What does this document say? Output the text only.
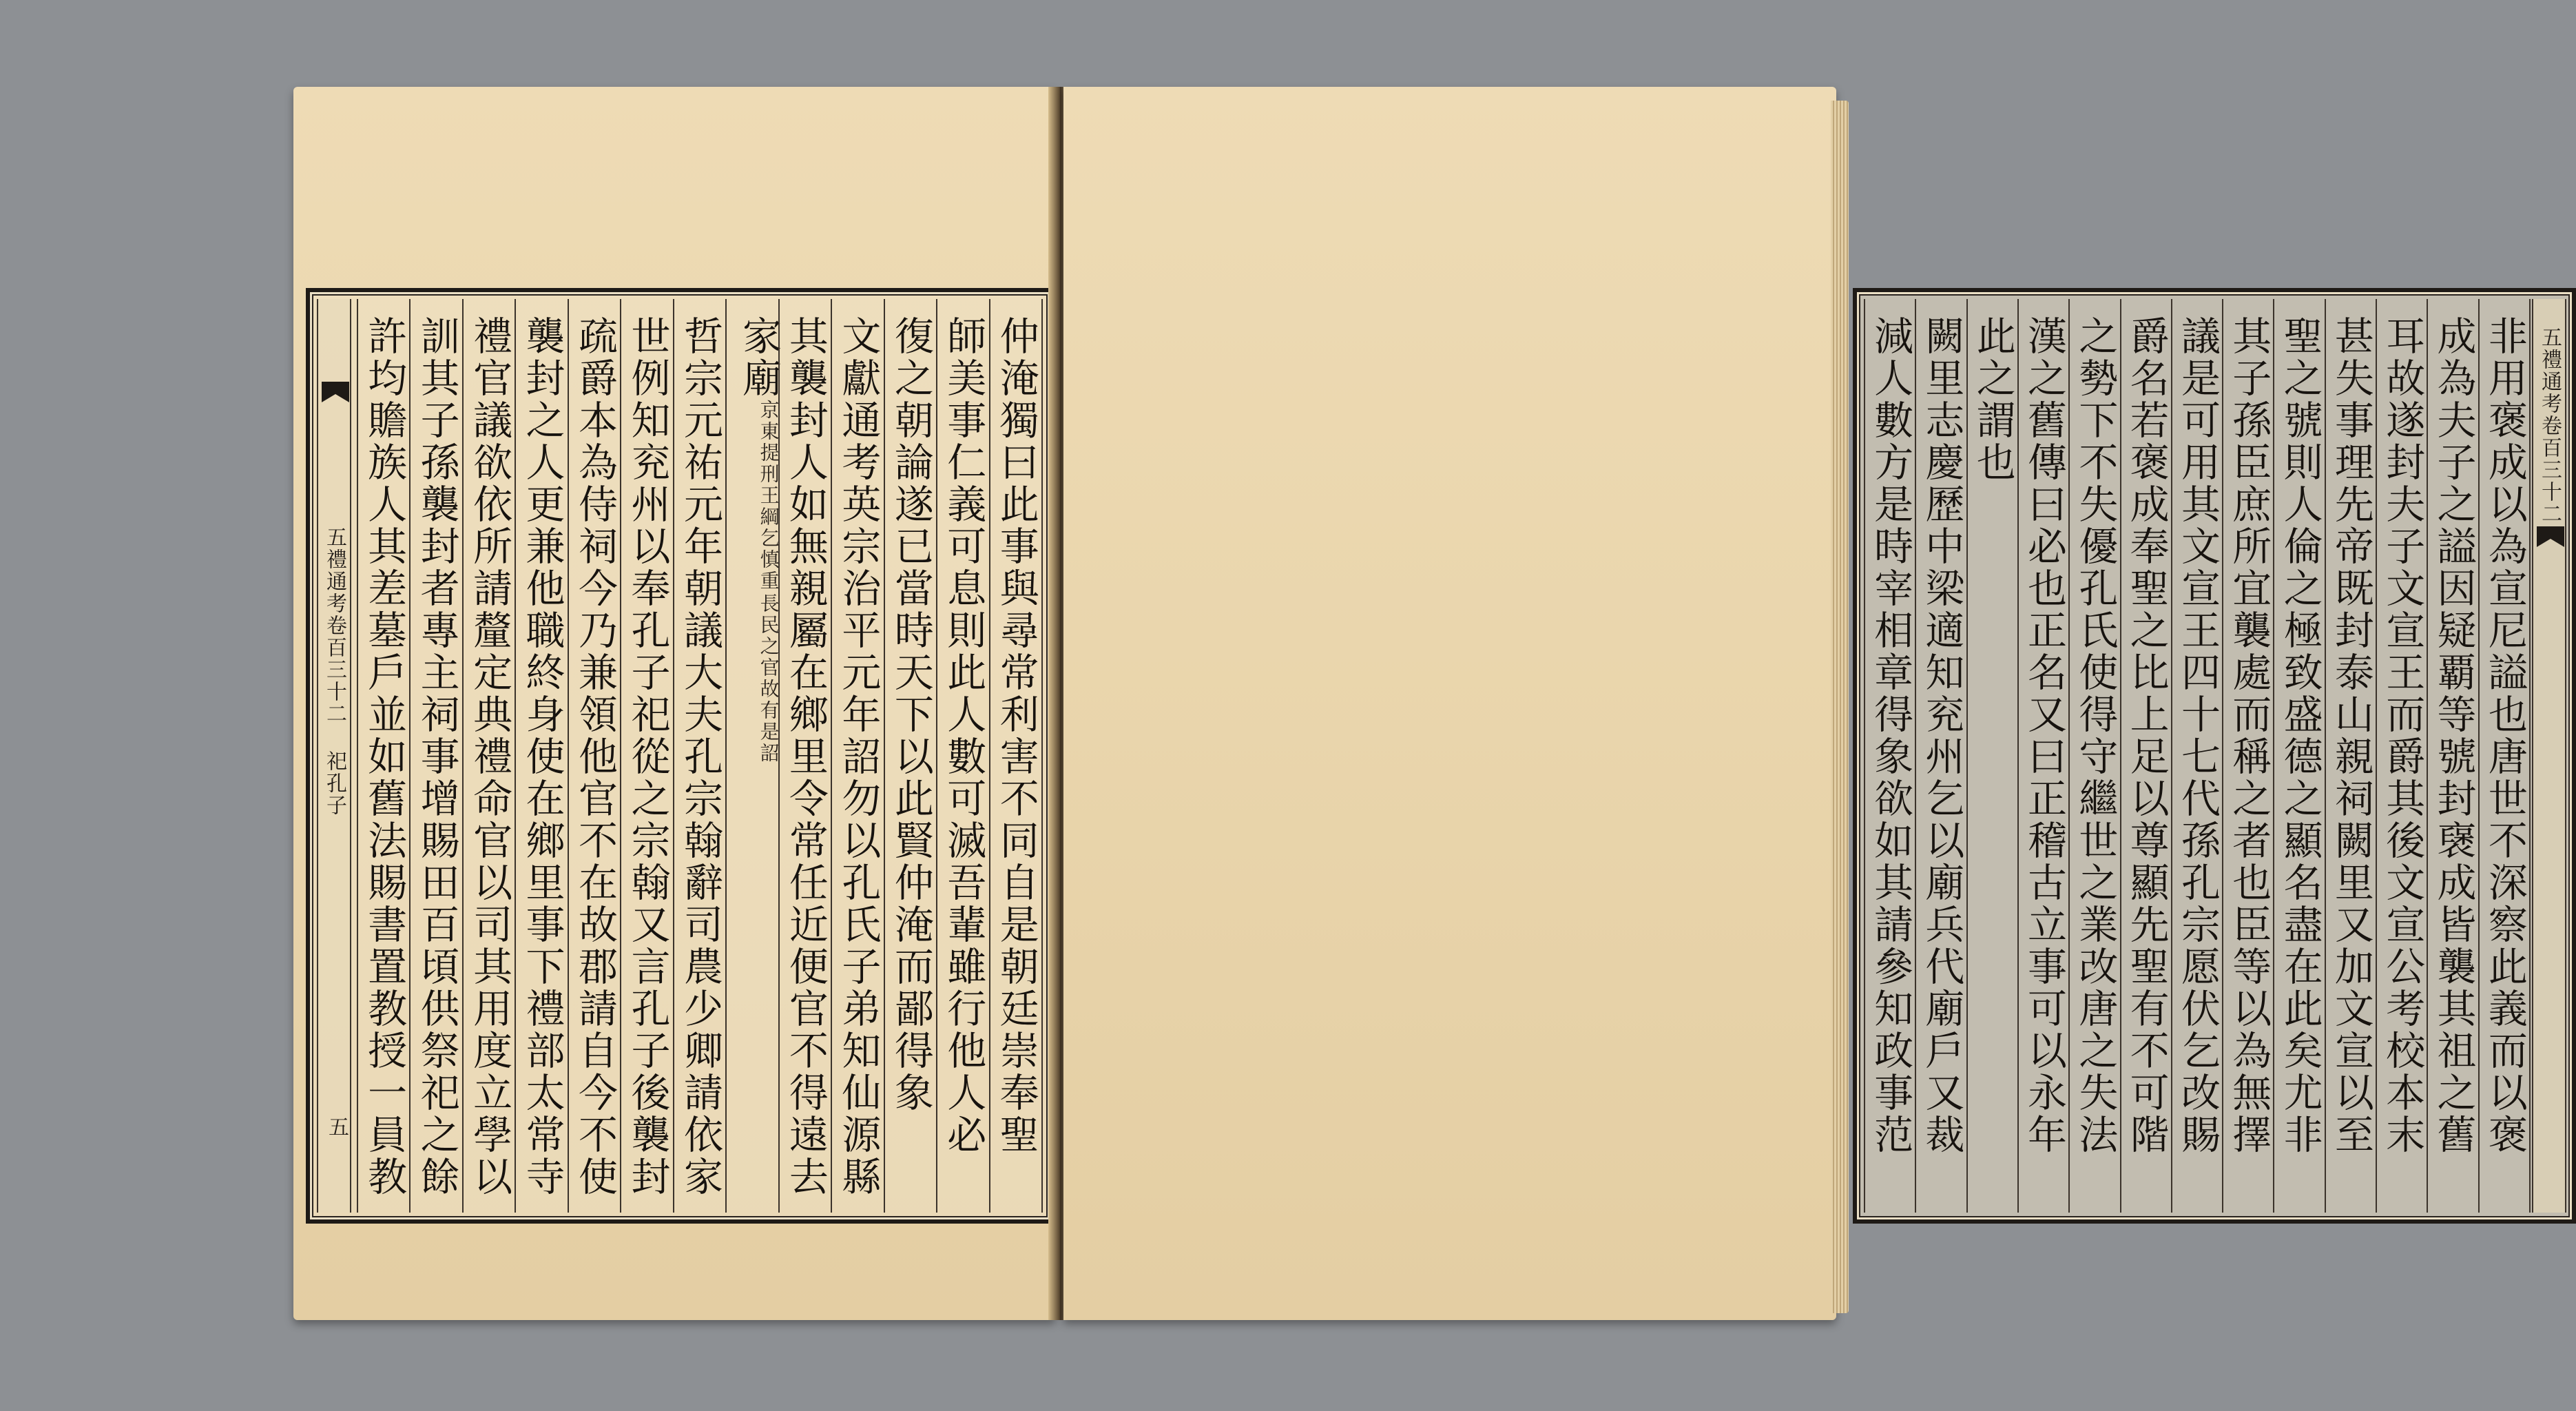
五禮通考卷百三十二 祀孔子
五	仲淹獨曰此事與尋常利害不同自是朝廷崇奉聖
師美事仁義可息則此人數可滅吾輩雖行他人必
復之朝論遂已當時天下以此賢仲淹而鄙得象
文獻通考英宗治平元年詔勿以孔氏子弟知仙源縣
其襲封人如無親屬在鄉里令常任近便官不得遠去
家廟
京東提刑王綱乞慎重
長民之官故有是詔
哲宗元祐元年朝議大夫孔宗翰辭司農少卿請依家
世例知兖州以奉孔子祀從之宗翰又言孔子後襲封
疏爵本為侍祠今乃兼領他官不在故郡請自今不使
襲封之人更兼他職終身使在鄉里事下禮部太常寺
禮官議欲依所請釐定典禮命官以司其用度立學以
訓其子孫襲封者專主祠事增賜田百頃供祭祀之餘
許均贍族人其差墓戶並如舊法賜書置教授一員教	五禮通考卷百三十二
非用褒成以為宣尼謚也唐世不深察此義而以褒
成為夫子之謚因疑覇等號封襃成皆襲其祖之舊
耳故遂封夫子文宣王而爵其後文宣公考校本末
甚失事理先帝既封泰山親祠闕里又加文宣以至
聖之號則人倫之極致盛德之顯名盡在此矣尤非
其子孫臣庶所宜襲處而稱之者也臣等以為無擇
議是可用其文宣王四十七代孫孔宗愿伏乞改賜
爵名若褒成奉聖之比上足以尊顯先聖有不可階
之勢下不失優孔氏使得守繼世之業改唐之失法
漢之舊傳曰必也正名又曰正稽古立事可以永年
此之謂也
闕里志慶歷中梁適知兖州乞以廟兵代廟戶又裁
減人數方是時宰相章得象欲如其請參知政事范
